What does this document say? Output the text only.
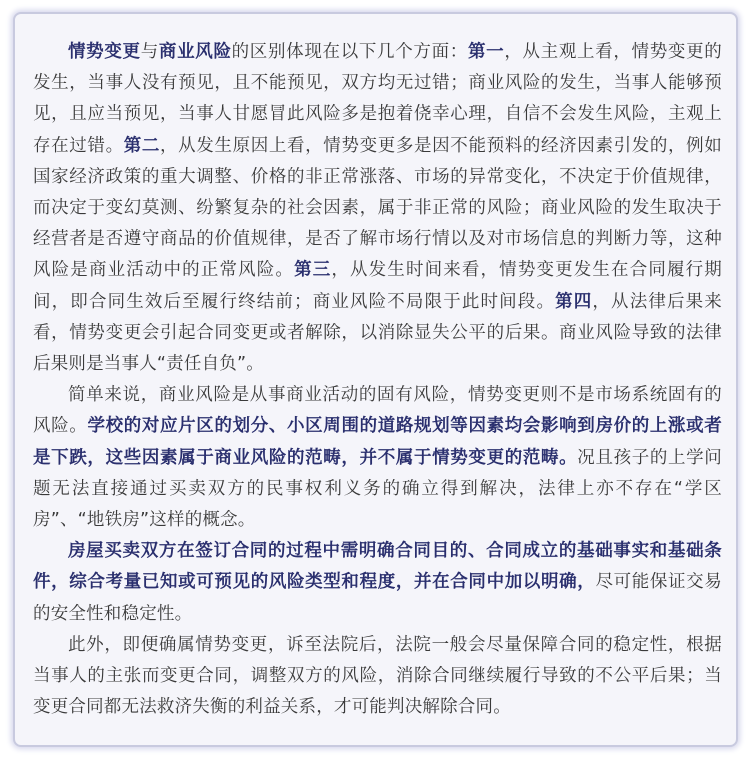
情势变更与商业风险的区别体现在以下几个方面：第一，从主观上看，情势变更的发生，当事人没有预见，且不能预见，双方均无过错；商业风险的发生，当事人能够预见，且应当预见，当事人甘愿冒此风险多是抱着侥幸心理，自信不会发生风险，主观上存在过错。第二，从发生原因上看，情势变更多是因不能预料的经济因素引发的，例如国家经济政策的重大调整、价格的非正常涨落、市场的异常变化，不决定于价值规律，而决定于变幻莫测、纷繁复杂的社会因素，属于非正常的风险；商业风险的发生取决于经营者是否遵守商品的价值规律，是否了解市场行情以及对市场信息的判断力等，这种风险是商业活动中的正常风险。第三，从发生时间来看，情势变更发生在合同履行期间，即合同生效后至履行终结前；商业风险不局限于此时间段。第四，从法律后果来看，情势变更会引起合同变更或者解除，以消除显失公平的后果。商业风险导致的法律后果则是当事人“责任自负”。

简单来说，商业风险是从事商业活动的固有风险，情势变更则不是市场系统固有的风险。学校的对应片区的划分、小区周围的道路规划等因素均会影响到房价的上涨或者是下跌，这些因素属于商业风险的范畴，并不属于情势变更的范畴。况且孩子的上学问题无法直接通过买卖双方的民事权利义务的确立得到解决，法律上亦不存在“学区房”、“地铁房”这样的概念。

房屋买卖双方在签订合同的过程中需明确合同目的、合同成立的基础事实和基础条件，综合考量已知或可预见的风险类型和程度，并在合同中加以明确，尽可能保证交易的安全性和稳定性。

此外，即便确属情势变更，诉至法院后，法院一般会尽量保障合同的稳定性，根据当事人的主张而变更合同，调整双方的风险，消除合同继续履行导致的不公平后果；当变更合同都无法救济失衡的利益关系，才可能判决解除合同。
